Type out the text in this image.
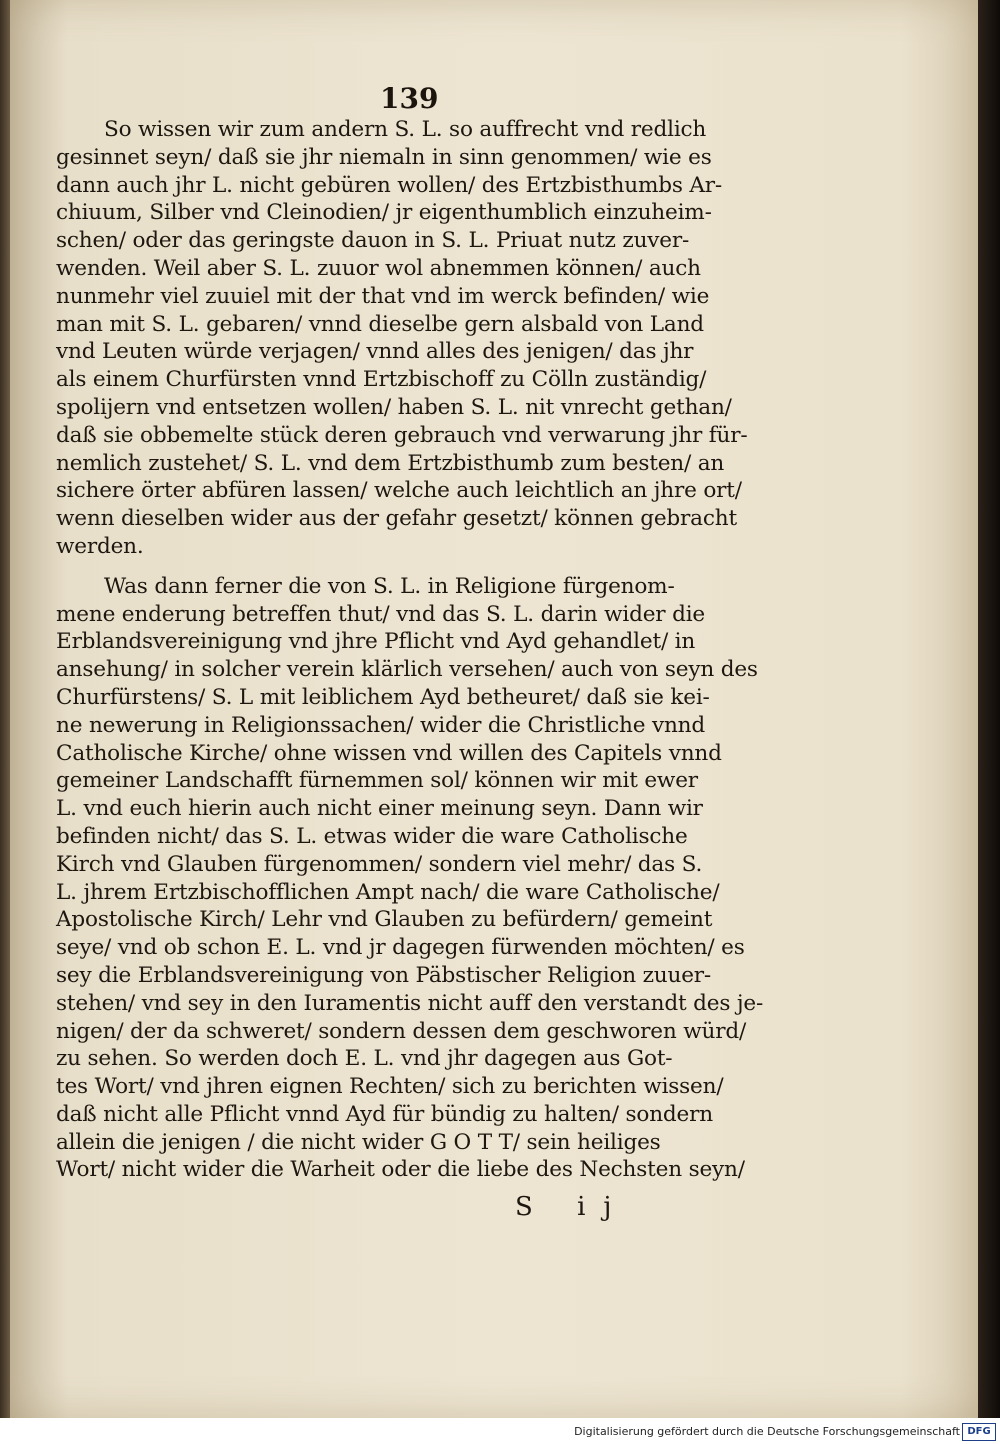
139

So wissen wir zum andern S. L. so auffrecht vnd redlich
gesinnet seyn/ daß sie jhr niemaln in sinn genommen/ wie es
dann auch jhr L. nicht gebüren wollen/ des Ertzbisthumbs Ar-
chiuum, Silber vnd Cleinodien/ jr eigenthumblich einzuheim-
schen/ oder das geringste dauon in S. L. Priuat nutz zuver-
wenden. Weil aber S. L. zuuor wol abnemmen können/ auch
nunmehr viel zuuiel mit der that vnd im werck befinden/ wie
man mit S. L. gebaren/ vnnd dieselbe gern alsbald von Land
vnd Leuten würde verjagen/ vnnd alles des jenigen/ das jhr
als einem Churfürsten vnnd Ertzbischoff zu Cölln zuständig/
spolijern vnd entsetzen wollen/ haben S. L. nit vnrecht gethan/
daß sie obbemelte stück deren gebrauch vnd verwarung jhr für-
nemlich zustehet/ S. L. vnd dem Ertzbisthumb zum besten/ an
sichere örter abfüren lassen/ welche auch leichtlich an jhre ort/
wenn dieselben wider aus der gefahr gesetzt/ können gebracht
werden.

Was dann ferner die von S. L. in Religione fürgenom-
mene enderung betreffen thut/ vnd das S. L. darin wider die
Erblandsvereinigung vnd jhre Pflicht vnd Ayd gehandlet/ in
ansehung/ in solcher verein klärlich versehen/ auch von seyn des
Churfürstens/ S. L mit leiblichem Ayd betheuret/ daß sie kei-
ne newerung in Religionssachen/ wider die Christliche vnnd
Catholische Kirche/ ohne wissen vnd willen des Capitels vnnd
gemeiner Landschafft fürnemmen sol/ können wir mit ewer
L. vnd euch hierin auch nicht einer meinung seyn. Dann wir
befinden nicht/ das S. L. etwas wider die ware Catholische
Kirch vnd Glauben fürgenommen/ sondern viel mehr/ das S.
L. jhrem Ertzbischofflichen Ampt nach/ die ware Catholische/
Apostolische Kirch/ Lehr vnd Glauben zu befürdern/ gemeint
seye/ vnd ob schon E. L. vnd jr dagegen fürwenden möchten/ es
sey die Erblandsvereinigung von Päbstischer Religion zuuer-
stehen/ vnd sey in den Iuramentis nicht auff den verstandt des je-
nigen/ der da schweret/ sondern dessen dem geschworen würd/
zu sehen. So werden doch E. L. vnd jhr dagegen aus Got-
tes Wort/ vnd jhren eignen Rechten/ sich zu berichten wissen/
daß nicht alle Pflicht vnnd Ayd für bündig zu halten/ sondern
allein die jenigen / die nicht wider G O T T/ sein heiliges
Wort/ nicht wider die Warheit oder die liebe des Nechsten seyn/

S ij
Digitalisierung gefördert durch die Deutsche Forschungsgemeinschaft DFG
